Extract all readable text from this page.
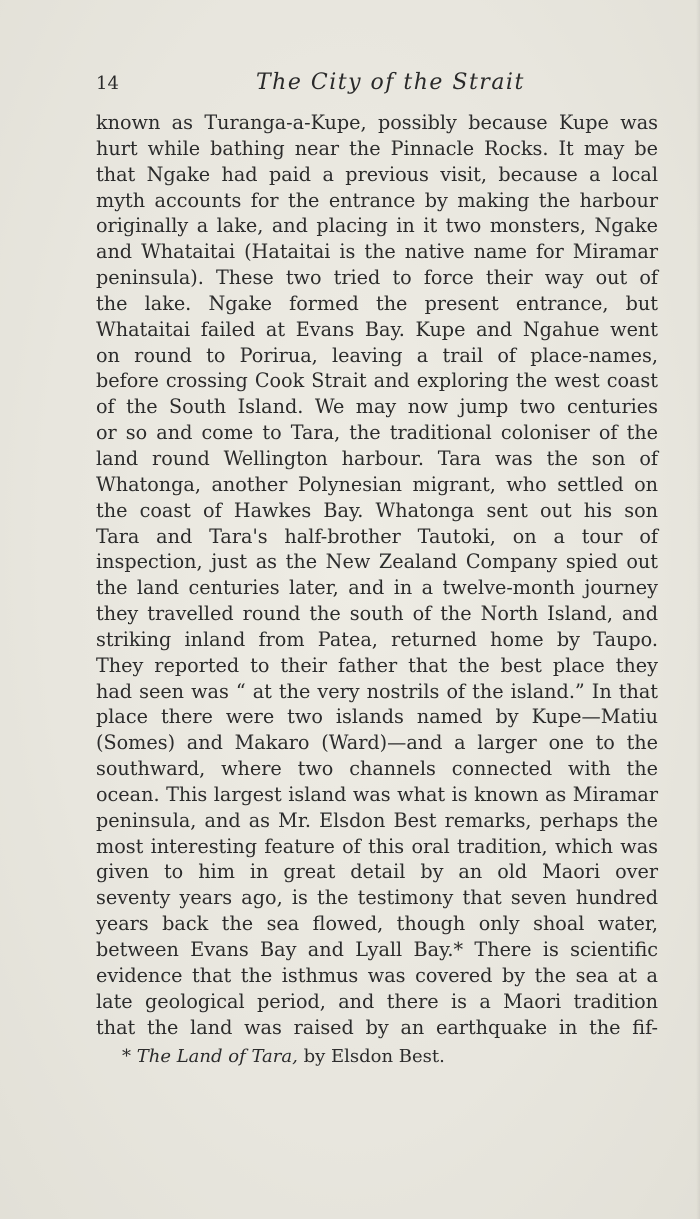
14	The City of the Strait
known as Turanga-a-Kupe, possibly because Kupe was
hurt while bathing near the Pinnacle Rocks. It may be
that Ngake had paid a previous visit, because a local
myth accounts for the entrance by making the harbour
originally a lake, and placing in it two monsters, Ngake
and Whataitai (Hataitai is the native name for Miramar
peninsula). These two tried to force their way out of
the lake. Ngake formed the present entrance, but
Whataitai failed at Evans Bay. Kupe and Ngahue went
on round to Porirua, leaving a trail of place-names,
before crossing Cook Strait and exploring the west coast
of the South Island. We may now jump two centuries
or so and come to Tara, the traditional coloniser of the
land round Wellington harbour. Tara was the son of
Whatonga, another Polynesian migrant, who settled on
the coast of Hawkes Bay. Whatonga sent out his son
Tara and Tara's half-brother Tautoki, on a tour of
inspection, just as the New Zealand Company spied out
the land centuries later, and in a twelve-month journey
they travelled round the south of the North Island, and
striking inland from Patea, returned home by Taupo.
They reported to their father that the best place they
had seen was “ at the very nostrils of the island.” In that
place there were two islands named by Kupe—Matiu
(Somes) and Makaro (Ward)—and a larger one to the
southward, where two channels connected with the
ocean. This largest island was what is known as Miramar
peninsula, and as Mr. Elsdon Best remarks, perhaps the
most interesting feature of this oral tradition, which was
given to him in great detail by an old Maori over
seventy years ago, is the testimony that seven hundred
years back the sea flowed, though only shoal water,
between Evans Bay and Lyall Bay.* There is scientific
evidence that the isthmus was covered by the sea at a
late geological period, and there is a Maori tradition
that the land was raised by an earthquake in the fif-
* The Land of Tara, by Elsdon Best.
